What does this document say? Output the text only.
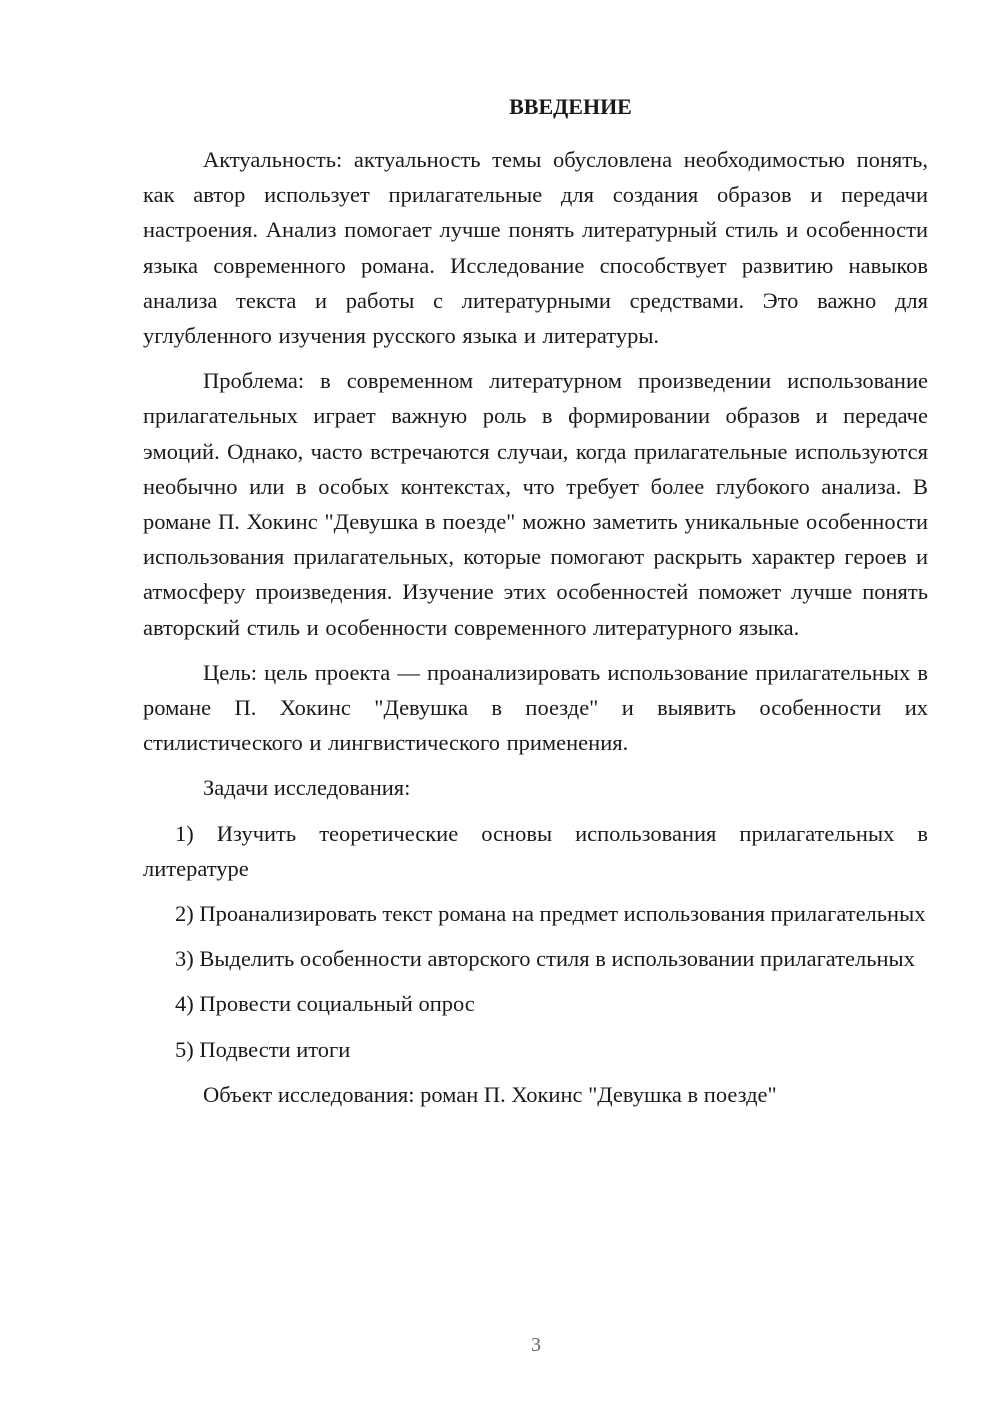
ВВЕДЕНИЕ

Актуальность: актуальность темы обусловлена необходимостью понять, как автор использует прилагательные для создания образов и передачи настроения. Анализ помогает лучше понять литературный стиль и особенности языка современного романа. Исследование способствует развитию навыков анализа текста и работы с литературными средствами. Это важно для углубленного изучения русского языка и литературы.

Проблема: в современном литературном произведении использование прилагательных играет важную роль в формировании образов и передаче эмоций. Однако, часто встречаются случаи, когда прилагательные используются необычно или в особых контекстах, что требует более глубокого анализа. В романе П. Хокинс "Девушка в поезде" можно заметить уникальные особенности использования прилагательных, которые помогают раскрыть характер героев и атмосферу произведения. Изучение этих особенностей поможет лучше понять авторский стиль и особенности современного литературного языка.

Цель: цель проекта — проанализировать использование прилагательных в романе П. Хокинс "Девушка в поезде" и выявить особенности их стилистического и лингвистического применения.

Задачи исследования:

1) Изучить теоретические основы использования прилагательных в литературе

2) Проанализировать текст романа на предмет использования прилагательных

3) Выделить особенности авторского стиля в использовании прилагательных

4) Провести социальный опрос

5) Подвести итоги

Объект исследования: роман П. Хокинс "Девушка в поезде"

3
